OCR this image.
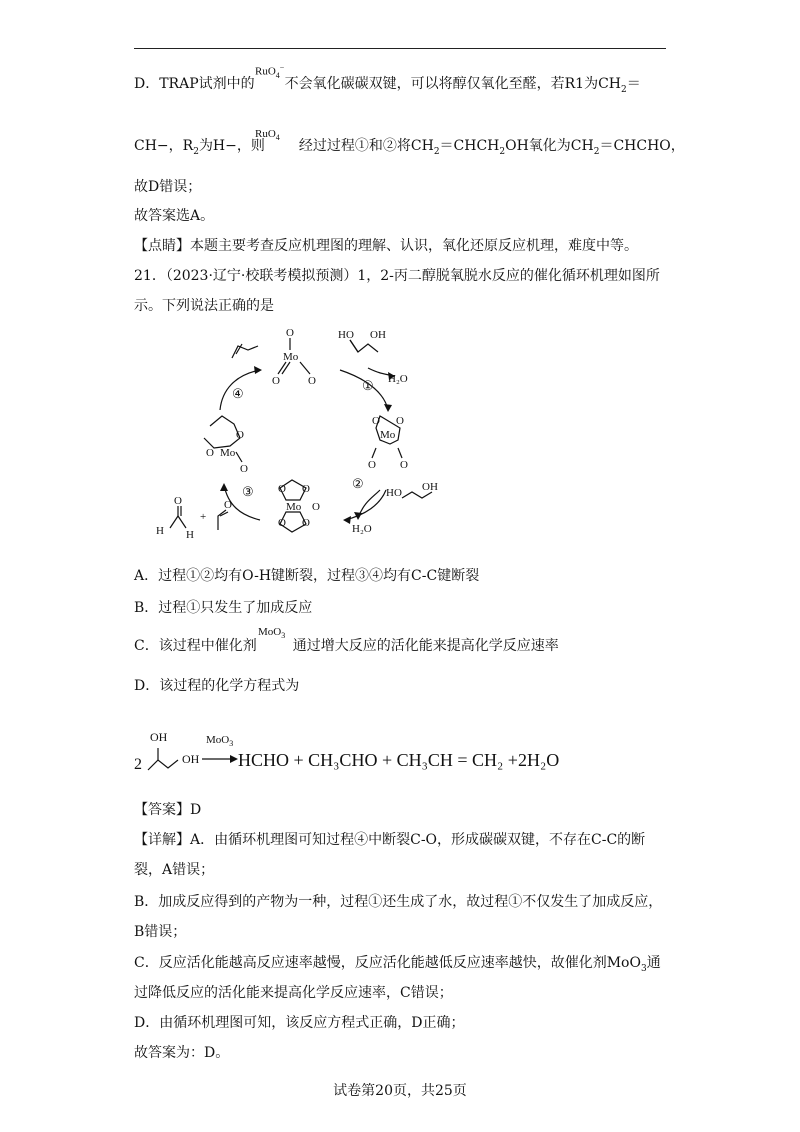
D．TRAP试剂中的 不会氧化碳碳双键，可以将醇仅氧化至醛，若R1为$CH_2=$
RuO$_4$−
CH−，$R_2$为H−，则 经过过程①和②将$CH_2=CHCH_2OH$氧化为$CH_2=CHCHO$，
RuO$_4$
故D错误；
故答案选A。
【点睛】本题主要考查反应机理图的理解、认识，氧化还原反应机理，难度中等。
21．（2023·辽宁·校联考模拟预测）1，2-丙二醇脱氧脱水反应的催化循环机理如图所
示。下列说法正确的是
Mo
O
O	O
HO OH
H₂O
①
O O
Mo
O O
②
HO OH
H₂O
O O
Mo O
O O
③
④
O
O Mo
O
O
H H
+
O
A．过程①②均有O-H键断裂，过程③④均有C-C键断裂
B．过程①只发生了加成反应
C．该过程中催化剂	通过增大反应的活化能来提高化学反应速率
MoO$_3$
D．该过程的化学方程式为
2
OH
OH
MoO$_3$
→ HCHO + CH₃CHO + CH₃CH = CH₂ +2H₂O
【答案】D
【详解】A．由循环机理图可知过程④中断裂C-O，形成碳碳双键，不存在C-C的断
裂，A错误；
B．加成反应得到的产物为一种，过程①还生成了水，故过程①不仅发生了加成反应，
B错误；
C．反应活化能越高反应速率越慢，反应活化能越低反应速率越快，故催化剂MoO$_3$通
过降低反应的活化能来提高化学反应速率，C错误；
D．由循环机理图可知，该反应方程式正确，D正确；
故答案为：D。
试卷第20页，共25页
